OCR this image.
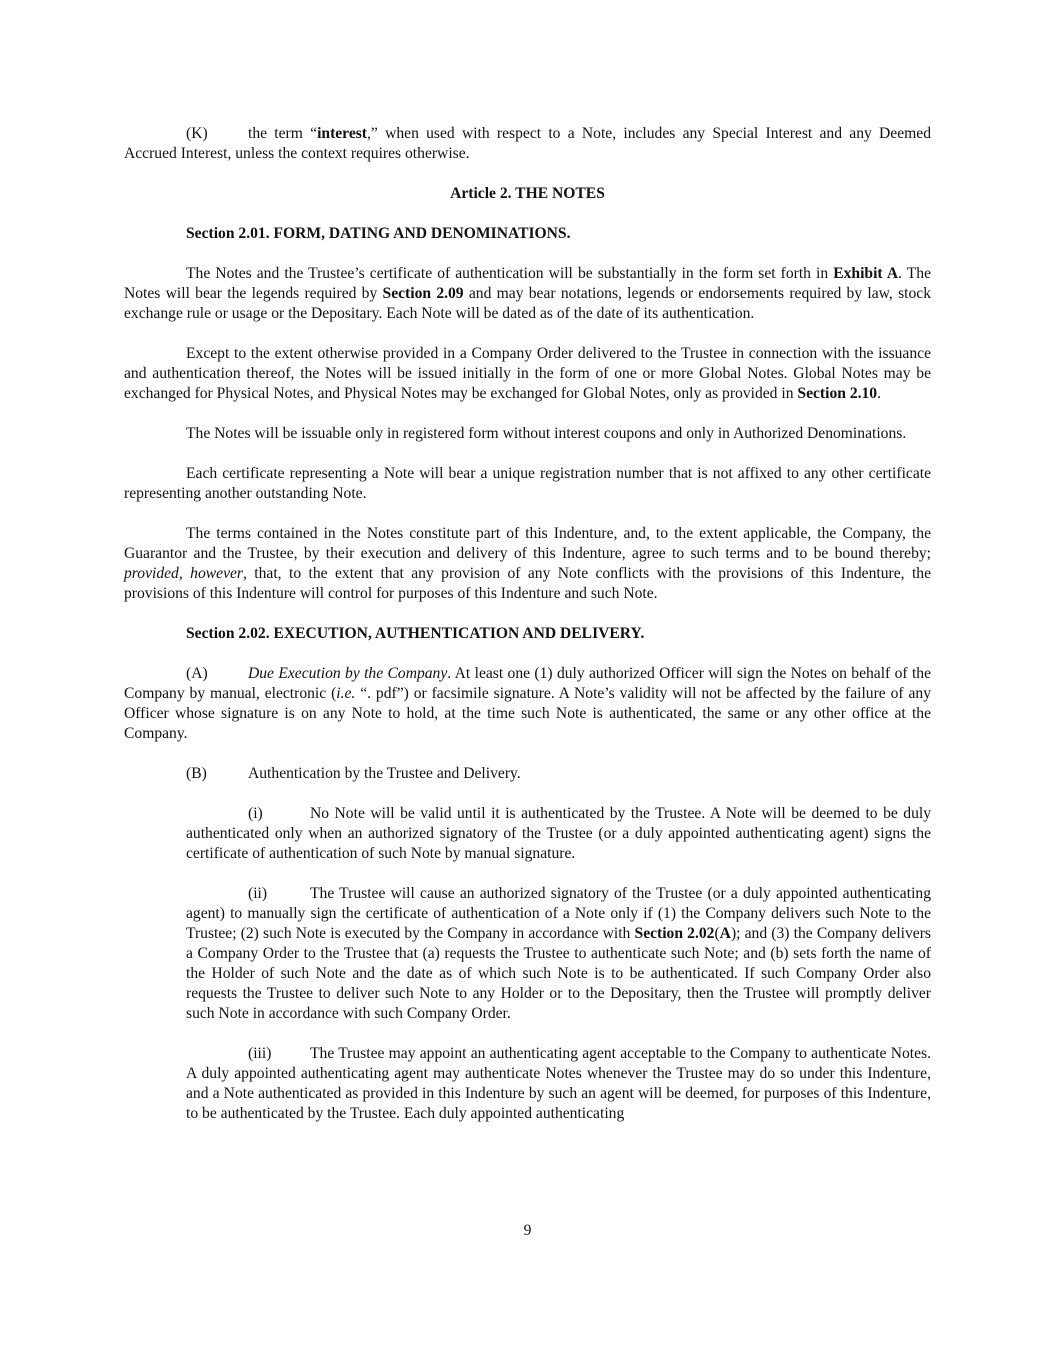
(K)	the term “interest,” when used with respect to a Note, includes any Special Interest and any Deemed Accrued Interest, unless the context requires otherwise.

Article 2. THE NOTES

Section 2.01. FORM, DATING AND DENOMINATIONS.

The Notes and the Trustee’s certificate of authentication will be substantially in the form set forth in Exhibit A. The Notes will bear the legends required by Section 2.09 and may bear notations, legends or endorsements required by law, stock exchange rule or usage or the Depositary. Each Note will be dated as of the date of its authentication.

Except to the extent otherwise provided in a Company Order delivered to the Trustee in connection with the issuance and authentication thereof, the Notes will be issued initially in the form of one or more Global Notes. Global Notes may be exchanged for Physical Notes, and Physical Notes may be exchanged for Global Notes, only as provided in Section 2.10.

The Notes will be issuable only in registered form without interest coupons and only in Authorized Denominations.

Each certificate representing a Note will bear a unique registration number that is not affixed to any other certificate representing another outstanding Note.

The terms contained in the Notes constitute part of this Indenture, and, to the extent applicable, the Company, the Guarantor and the Trustee, by their execution and delivery of this Indenture, agree to such terms and to be bound thereby; provided, however, that, to the extent that any provision of any Note conflicts with the provisions of this Indenture, the provisions of this Indenture will control for purposes of this Indenture and such Note.

Section 2.02. EXECUTION, AUTHENTICATION AND DELIVERY.

(A)	Due Execution by the Company. At least one (1) duly authorized Officer will sign the Notes on behalf of the Company by manual, electronic (i.e. “. pdf”) or facsimile signature. A Note’s validity will not be affected by the failure of any Officer whose signature is on any Note to hold, at the time such Note is authenticated, the same or any other office at the Company.

(B)	Authentication by the Trustee and Delivery.

(i)	No Note will be valid until it is authenticated by the Trustee. A Note will be deemed to be duly authenticated only when an authorized signatory of the Trustee (or a duly appointed authenticating agent) signs the certificate of authentication of such Note by manual signature.

(ii)	The Trustee will cause an authorized signatory of the Trustee (or a duly appointed authenticating agent) to manually sign the certificate of authentication of a Note only if (1) the Company delivers such Note to the Trustee; (2) such Note is executed by the Company in accordance with Section 2.02(A); and (3) the Company delivers a Company Order to the Trustee that (a) requests the Trustee to authenticate such Note; and (b) sets forth the name of the Holder of such Note and the date as of which such Note is to be authenticated. If such Company Order also requests the Trustee to deliver such Note to any Holder or to the Depositary, then the Trustee will promptly deliver such Note in accordance with such Company Order.

(iii) The Trustee may appoint an authenticating agent acceptable to the Company to authenticate Notes. A duly appointed authenticating agent may authenticate Notes whenever the Trustee may do so under this Indenture, and a Note authenticated as provided in this Indenture by such an agent will be deemed, for purposes of this Indenture, to be authenticated by the Trustee. Each duly appointed authenticating

9
